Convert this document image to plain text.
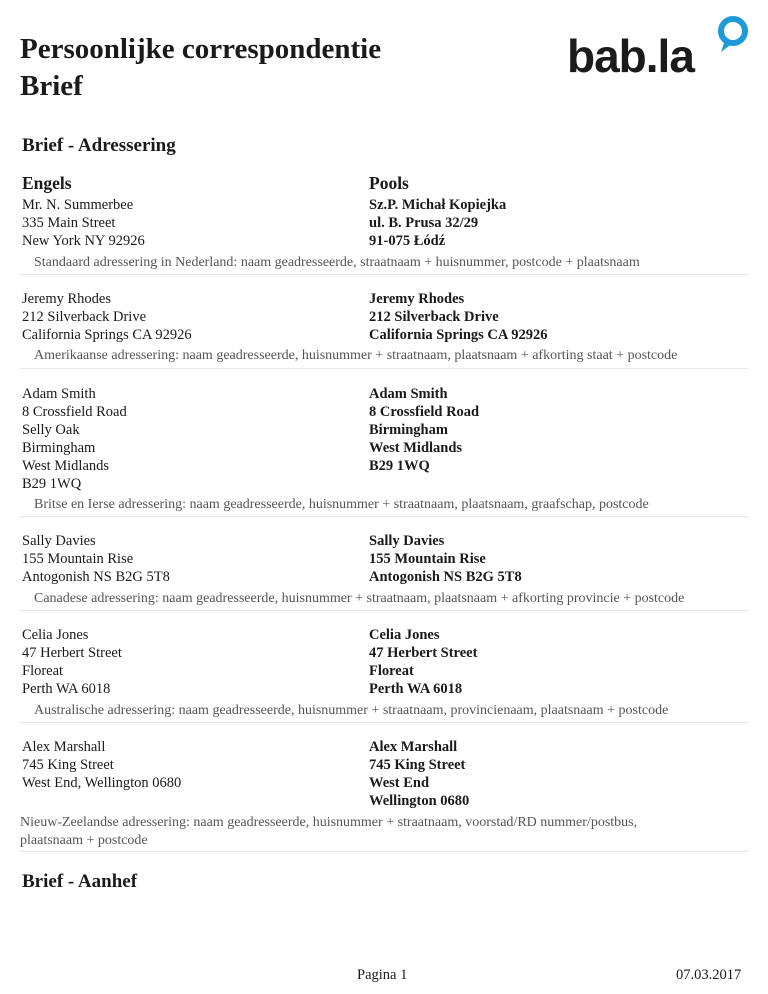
Persoonlijke correspondentie
Brief
bab.la
Brief - Adressering
Engels	Pools
Mr. N. Summerbee
335 Main Street
New York NY 92926
Sz.P. Michał Kopiejka
ul. B. Prusa 32/29
91-075 Łódź
Standaard adressering in Nederland: naam geadresseerde, straatnaam + huisnummer, postcode + plaatsnaam
Jeremy Rhodes
212 Silverback Drive
California Springs CA 92926
Jeremy Rhodes
212 Silverback Drive
California Springs CA 92926
Amerikaanse adressering: naam geadresseerde, huisnummer + straatnaam, plaatsnaam + afkorting staat + postcode
Adam Smith
8 Crossfield Road
Selly Oak
Birmingham
West Midlands
B29 1WQ
Adam Smith
8 Crossfield Road
Birmingham
West Midlands
B29 1WQ
Britse en Ierse adressering: naam geadresseerde, huisnummer + straatnaam, plaatsnaam, graafschap, postcode
Sally Davies
155 Mountain Rise
Antogonish NS B2G 5T8
Sally Davies
155 Mountain Rise
Antogonish NS B2G 5T8
Canadese adressering: naam geadresseerde, huisnummer + straatnaam, plaatsnaam + afkorting provincie + postcode
Celia Jones
47 Herbert Street
Floreat
Perth WA 6018
Celia Jones
47 Herbert Street
Floreat
Perth WA 6018
Australische adressering: naam geadresseerde, huisnummer + straatnaam, provincienaam, plaatsnaam + postcode
Alex Marshall
745 King Street
West End, Wellington 0680
Alex Marshall
745 King Street
West End
Wellington 0680
Nieuw-Zeelandse adressering: naam geadresseerde, huisnummer + straatnaam, voorstad/RD nummer/postbus,
plaatsnaam + postcode
Brief - Aanhef
Pagina 1	07.03.2017
